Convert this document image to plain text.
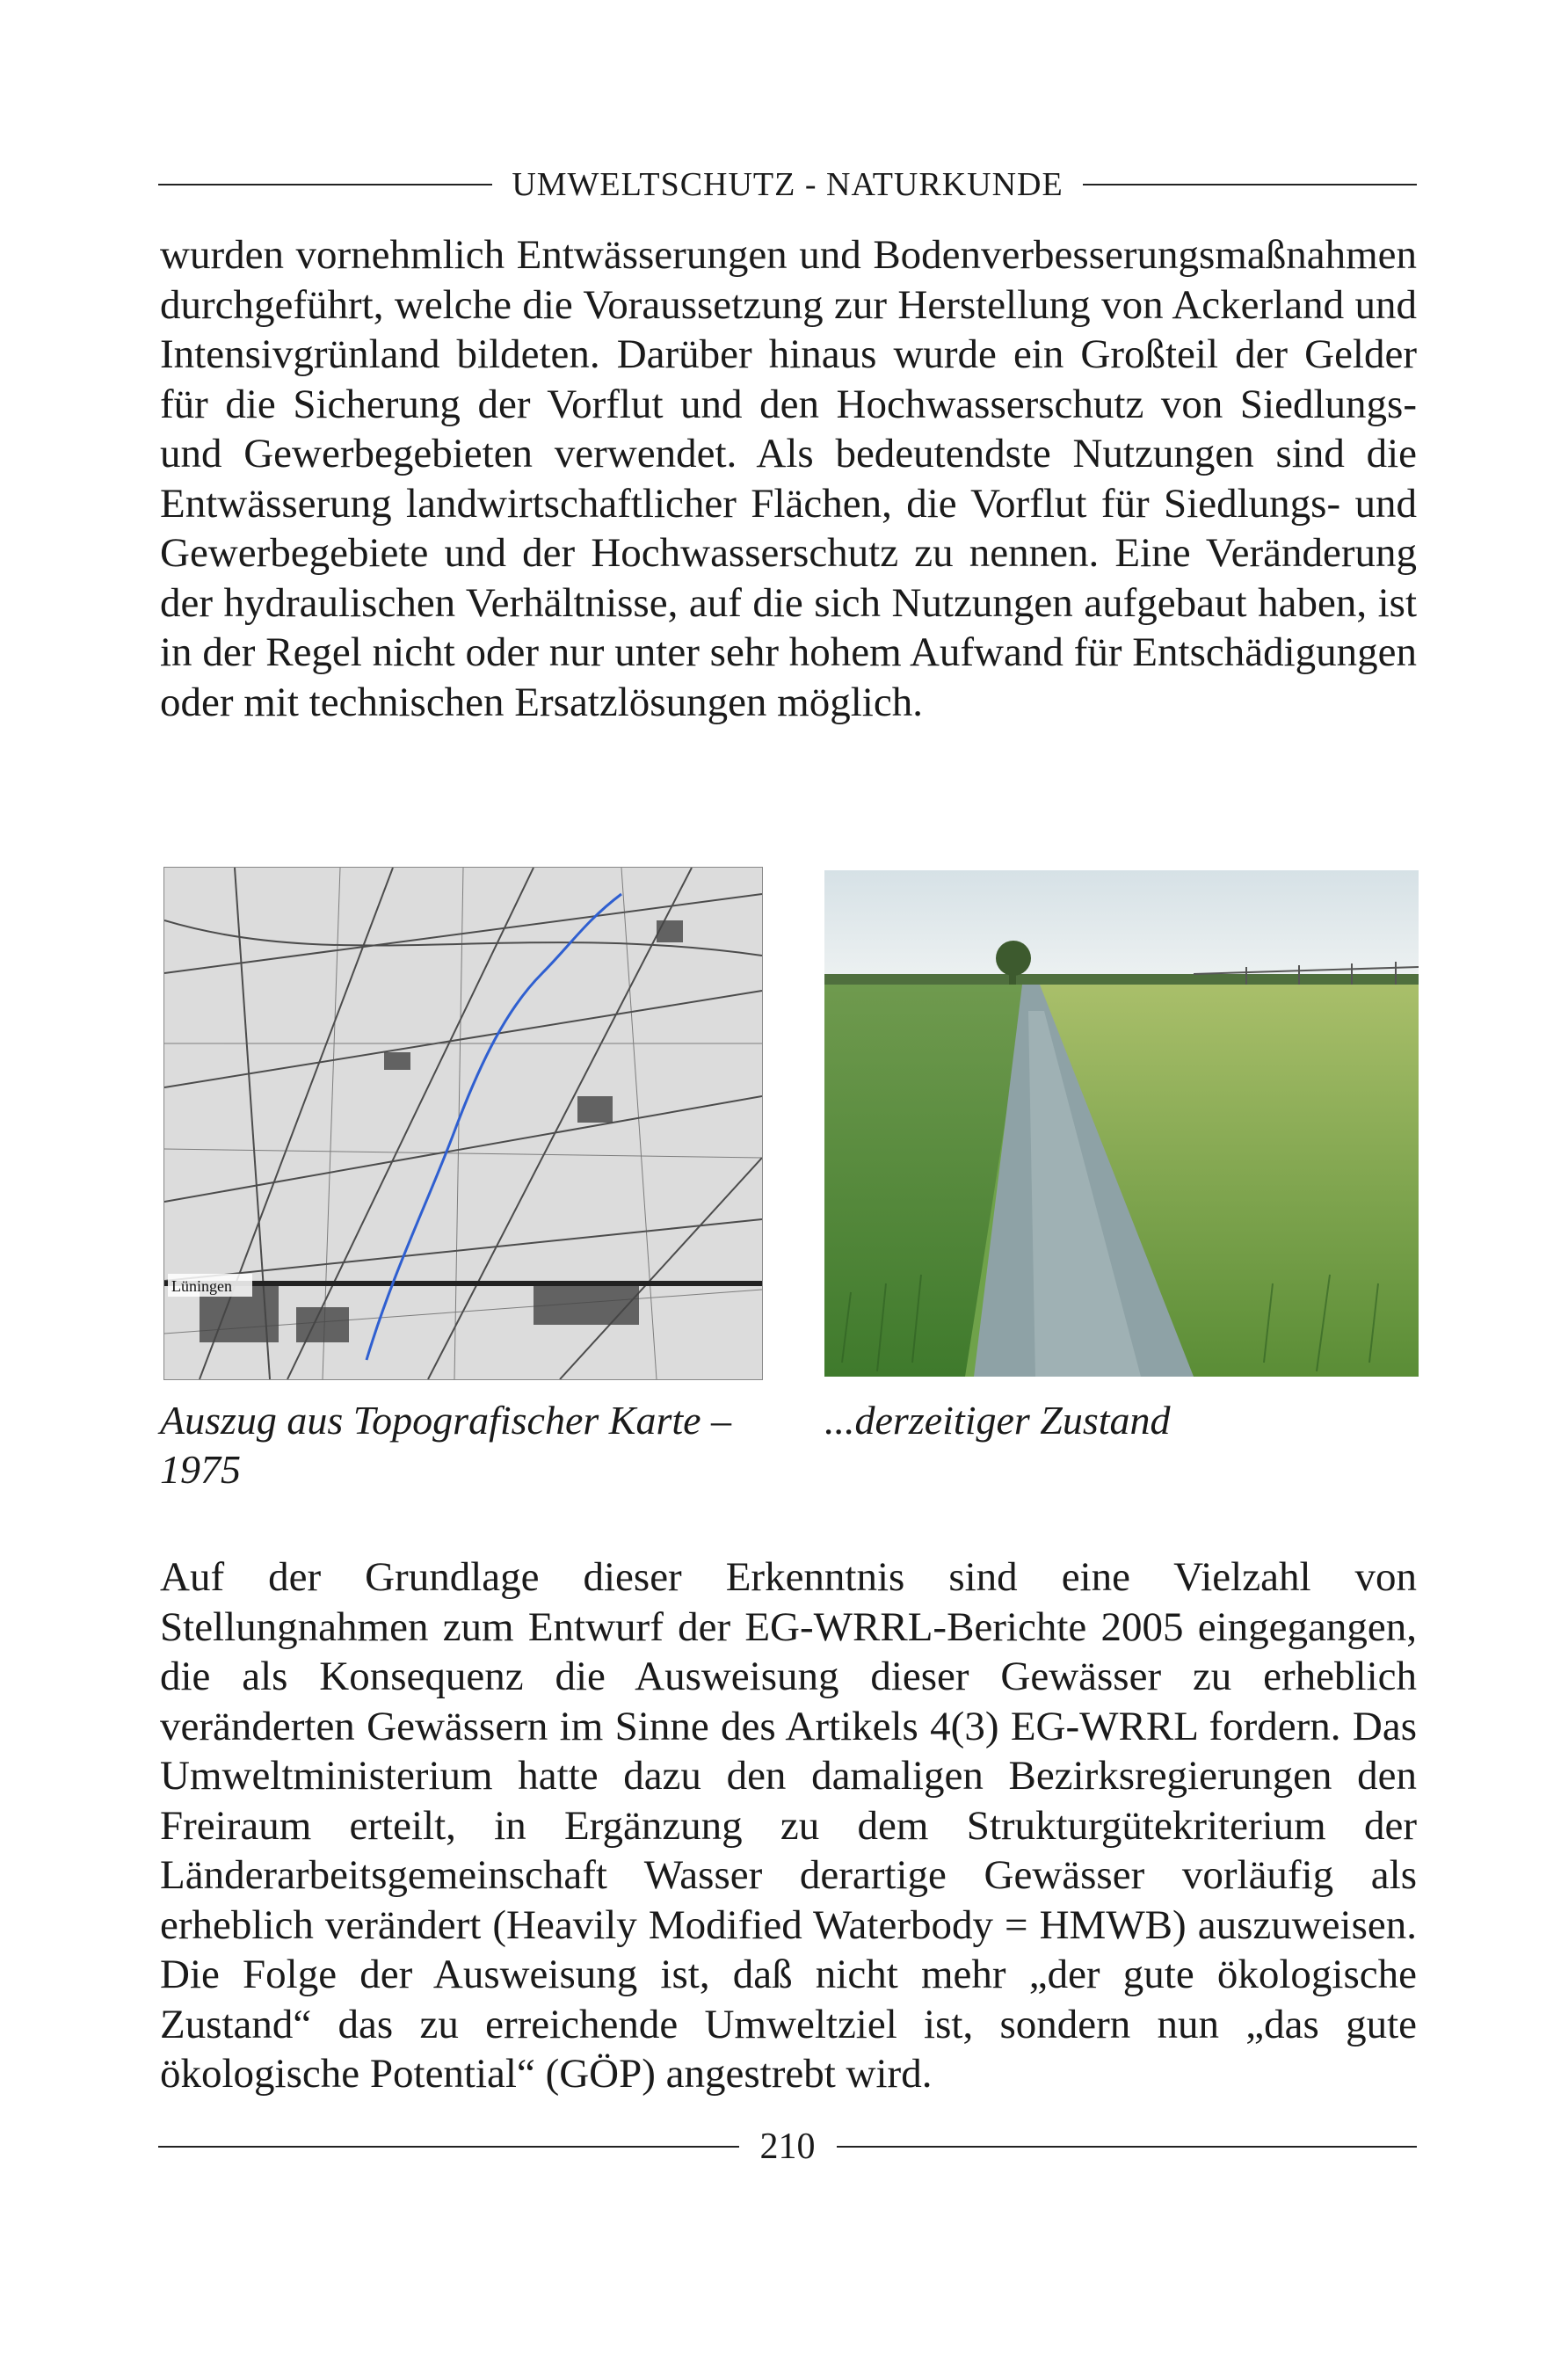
UMWELTSCHUTZ - NATURKUNDE

wurden vornehmlich Entwässerungen und Bodenverbesserungsmaßnahmen durchgeführt, welche die Voraussetzung zur Herstellung von Ackerland und Intensivgrünland bildeten. Darüber hinaus wurde ein Großteil der Gelder für die Sicherung der Vorflut und den Hochwasserschutz von Siedlungs- und Gewerbegebieten verwendet. Als bedeutendste Nutzungen sind die Entwässerung landwirtschaftlicher Flächen, die Vorflut für Siedlungs- und Gewerbegebiete und der Hochwasserschutz zu nennen. Eine Veränderung der hydraulischen Verhältnisse, auf die sich Nutzungen aufgebaut haben, ist in der Regel nicht oder nur unter sehr hohem Aufwand für Entschädigungen oder mit technischen Ersatzlösungen möglich.

Lüningen

Auszug aus Topografischer Karte – 1975

...derzeitiger Zustand

Auf der Grundlage dieser Erkenntnis sind eine Vielzahl von Stellungnahmen zum Entwurf der EG-WRRL-Berichte 2005 eingegangen, die als Konsequenz die Ausweisung dieser Gewässer zu erheblich veränderten Gewässern im Sinne des Artikels 4(3) EG-WRRL fordern. Das Umweltministerium hatte dazu den damaligen Bezirksregierungen den Freiraum erteilt, in Ergänzung zu dem Strukturgütekriterium der Länderarbeitsgemeinschaft Wasser derartige Gewässer vorläufig als erheblich verändert (Heavily Modified Waterbody = HMWB) auszuweisen. Die Folge der Ausweisung ist, daß nicht mehr „der gute ökologische Zustand“ das zu erreichende Umweltziel ist, sondern nun „das gute ökologische Potential“ (GÖP) angestrebt wird.

210
